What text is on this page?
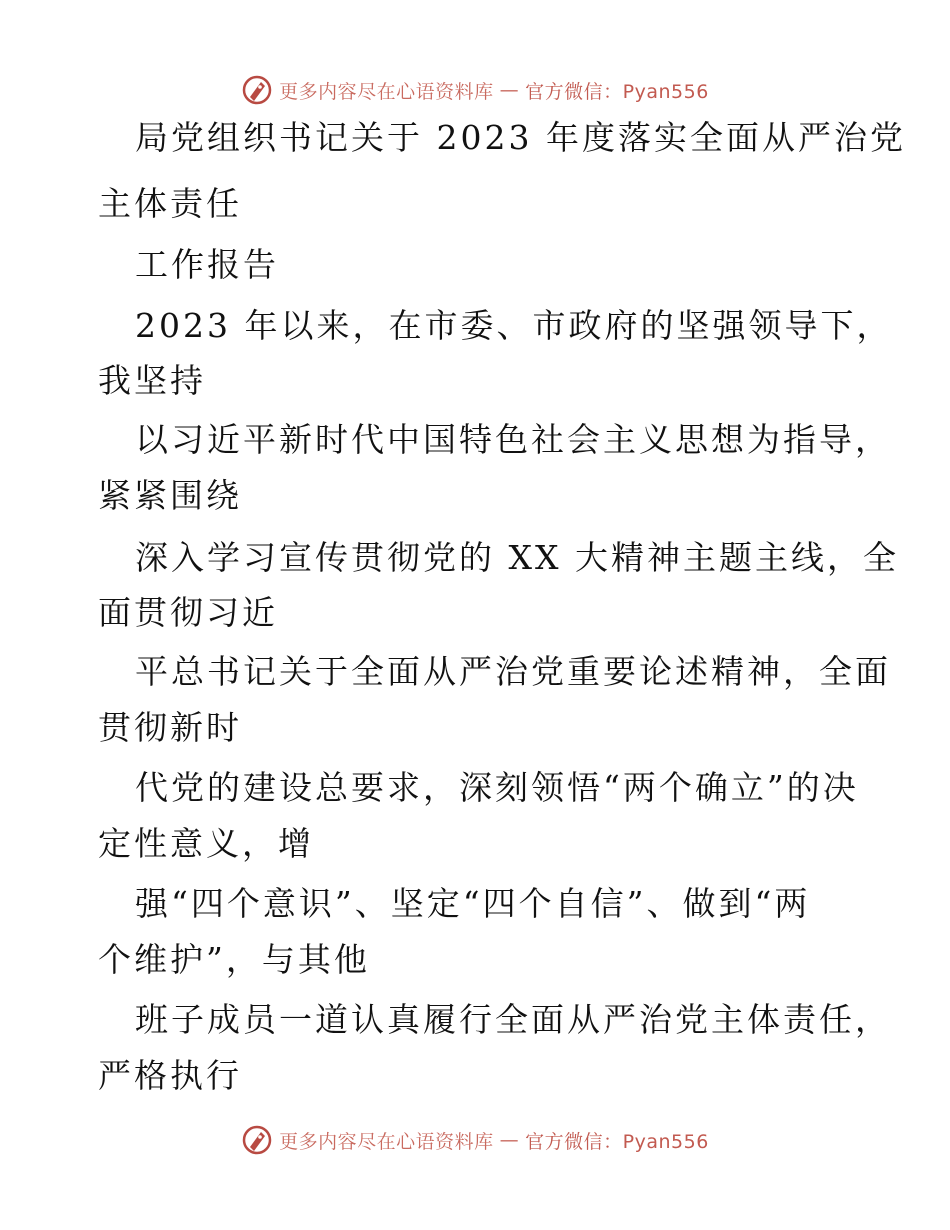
更多内容尽在心语资料库 — 官方微信：Pyan556
局党组织书记关于 2023 年度落实全面从严治党
主体责任
工作报告
2023 年以来，在市委、市政府的坚强领导下，
我坚持
以习近平新时代中国特色社会主义思想为指导，
紧紧围绕
深入学习宣传贯彻党的 XX 大精神主题主线，全
面贯彻习近
平总书记关于全面从严治党重要论述精神，全面
贯彻新时
代党的建设总要求，深刻领悟“两个确立”的决
定性意义，增
强“四个意识”、坚定“四个自信”、做到“两
个维护”，与其他
班子成员一道认真履行全面从严治党主体责任，
严格执行
更多内容尽在心语资料库 — 官方微信：Pyan556
